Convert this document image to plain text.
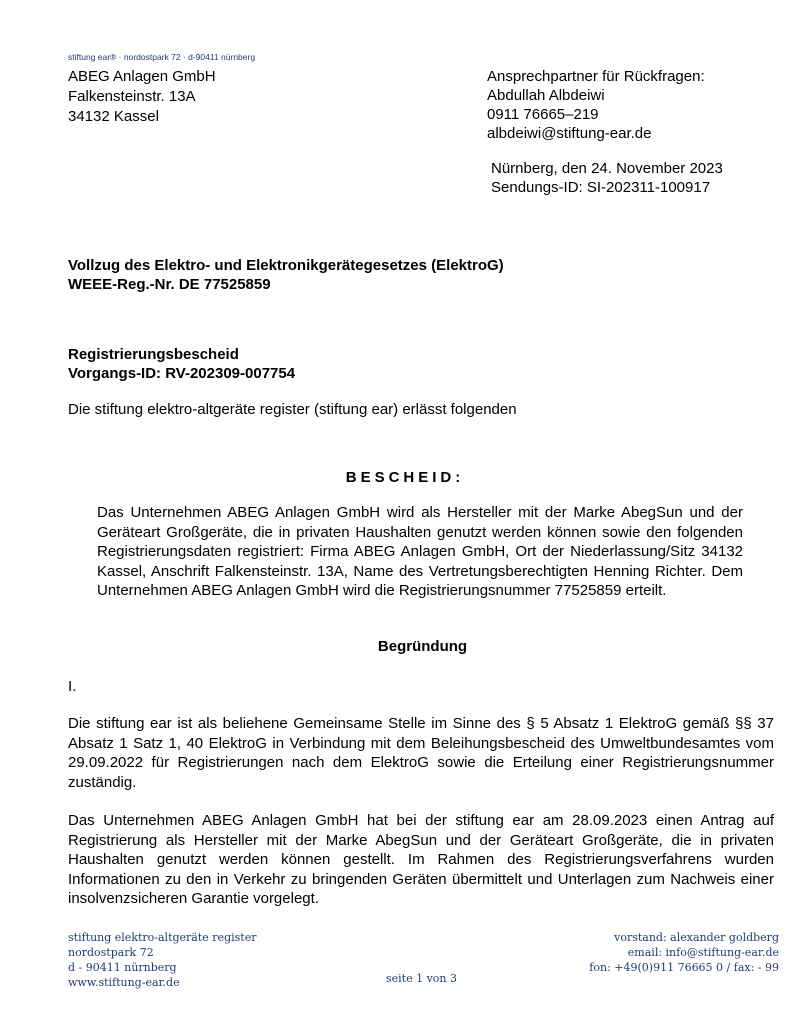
stiftung ear® · nordostpark 72 · d-90411 nürnberg
ABEG Anlagen GmbH
Falkensteinstr. 13A
34132 Kassel
Ansprechpartner für Rückfragen:
Abdullah Albdeiwi
0911 76665–219
albdeiwi@stiftung-ear.de
Nürnberg, den 24. November 2023
Sendungs-ID: SI-202311-100917
Vollzug des Elektro- und Elektronikgerätegesetzes (ElektroG)
WEEE-Reg.-Nr. DE 77525859
Registrierungsbescheid
Vorgangs-ID: RV-202309-007754
Die stiftung elektro-altgeräte register (stiftung ear) erlässt folgenden
BESCHEID:
Das Unternehmen ABEG Anlagen GmbH wird als Hersteller mit der Marke AbegSun und der Geräteart Großgeräte, die in privaten Haushalten genutzt werden können sowie den folgenden Registrierungsdaten registriert: Firma ABEG Anlagen GmbH, Ort der Niederlassung/Sitz 34132 Kassel, Anschrift Falkensteinstr. 13A, Name des Vertretungsberechtigten Henning Richter. Dem Unternehmen ABEG Anlagen GmbH wird die Registrierungsnummer 77525859 erteilt.
Begründung
I.
Die stiftung ear ist als beliehene Gemeinsame Stelle im Sinne des § 5 Absatz 1 ElektroG gemäß §§ 37 Absatz 1 Satz 1, 40 ElektroG in Verbindung mit dem Beleihungsbescheid des Umweltbundesamtes vom 29.09.2022 für Registrierungen nach dem ElektroG sowie die Erteilung einer Registrierungsnummer zuständig.
Das Unternehmen ABEG Anlagen GmbH hat bei der stiftung ear am 28.09.2023 einen Antrag auf Registrierung als Hersteller mit der Marke AbegSun und der Geräteart Großgeräte, die in privaten Haushalten genutzt werden können gestellt. Im Rahmen des Registrierungsverfahrens wurden Informationen zu den in Verkehr zu bringenden Geräten übermittelt und Unterlagen zum Nachweis einer insolvenzsicheren Garantie vorgelegt.
stiftung elektro-altgeräte register
nordostpark 72
d - 90411 nürnberg
www.stiftung-ear.de	seite 1 von 3
vorstand: alexander goldberg
email: info@stiftung-ear.de
fon: +49(0)911 76665 0 / fax: - 99
